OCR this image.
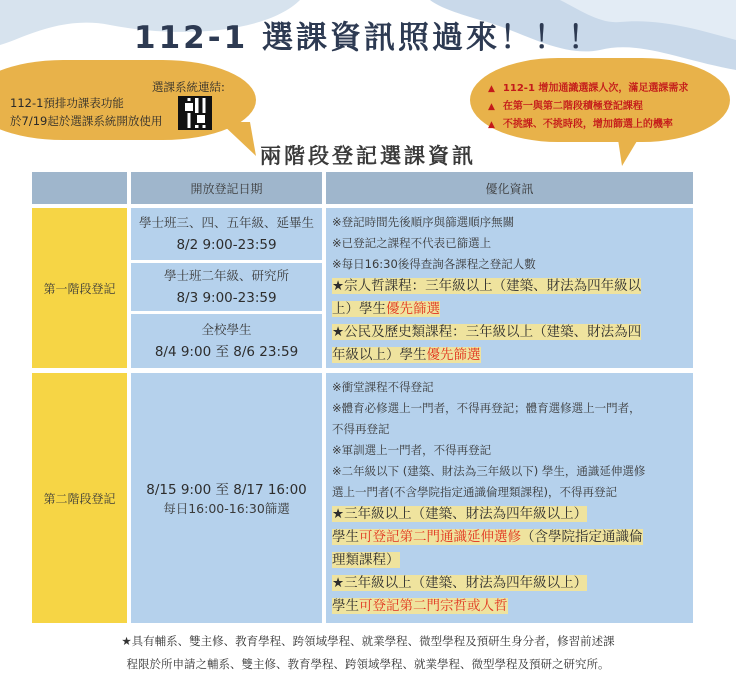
112-1 選課資訊照過來！！！
選課系統連結:
112-1預排功課表功能
於7/19起於選課系統開放使用
▲ 112-1 增加通識選課人次，滿足選課需求
▲ 在第一與第二階段積極登記課程
▲ 不挑課、不挑時段，增加篩選上的機率
兩階段登記選課資訊
開放登記日期	優化資訊
第一階段登記
學士班三、四、五年級、延畢生
8/2 9:00-23:59
學士班二年級、研究所
8/3 9:00-23:59
全校學生
8/4 9:00 至 8/6 23:59
※登記時間先後順序與篩選順序無關
※已登記之課程不代表已篩選上
※每日16:30後得查詢各課程之登記人數
★宗人哲課程：三年級以上（建築、財法為四年級以
上）學生優先篩選
★公民及歷史類課程：三年級以上（建築、財法為四
年級以上）學生優先篩選
第二階段登記
8/15 9:00 至 8/17 16:00
每日16:00-16:30篩選
※衝堂課程不得登記
※體育必修選上一門者，不得再登記；體育選修選上一門者，
不得再登記
※軍訓選上一門者，不得再登記
※二年級以下 (建築、財法為三年級以下) 學生，通識延伸選修
選上一門者(不含學院指定通識倫理類課程)，不得再登記
★三年級以上（建築、財法為四年級以上）
學生可登記第二門通識延伸選修（含學院指定通識倫
理類課程）
★三年級以上（建築、財法為四年級以上）
學生可登記第二門宗哲或人哲
★具有輔系、雙主修、教育學程、跨領域學程、就業學程、微型學程及預研生身分者，修習前述課
程限於所申請之輔系、雙主修、教育學程、跨領域學程、就業學程、微型學程及預研之研究所。
